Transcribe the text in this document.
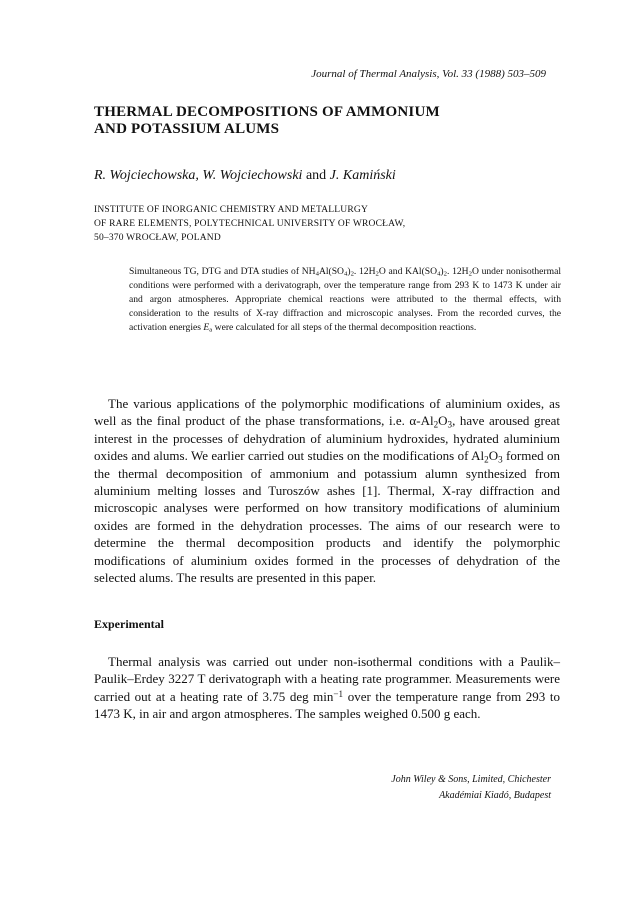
Journal of Thermal Analysis, Vol. 33 (1988) 503–509
THERMAL DECOMPOSITIONS OF AMMONIUM
AND POTASSIUM ALUMS
R. Wojciechowska, W. Wojciechowski and J. Kamiński
INSTITUTE OF INORGANIC CHEMISTRY AND METALLURGY
OF RARE ELEMENTS, POLYTECHNICAL UNIVERSITY OF WROCŁAW,
50–370 WROCŁAW, POLAND
Simultaneous TG, DTG and DTA studies of $NH_4Al(SO_4)_2$. $12H_2O$ and $KAl(SO_4)_2$. $12H_2O$ under nonisothermal conditions were performed with a derivatograph, over the temperature range from 293 K to 1473 K under air and argon atmospheres. Appropriate chemical reactions were attributed to the thermal effects, with consideration to the results of X-ray diffraction and microscopic analyses. From the recorded curves, the activation energies $E_a$ were calculated for all steps of the thermal decomposition reactions.

The various applications of the polymorphic modifications of aluminium oxides, as well as the final product of the phase transformations, i.e. $\alpha-Al_2O_3$, have aroused great interest in the processes of dehydration of aluminium hydroxides, hydrated aluminium oxides and alums. We earlier carried out studies on the modifications of $Al_2O_3$ formed on the thermal decomposition of ammonium and potassium alumn synthesized from aluminium melting losses and Turoszów ashes [1]. Thermal, X-ray diffraction and microscopic analyses were performed on how transitory modifications of aluminium oxides are formed in the dehydration processes. The aims of our research were to determine the thermal decomposition products and identify the polymorphic modifications of aluminium oxides formed in the processes of dehydration of the selected alums. The results are presented in this paper.

Experimental

Thermal analysis was carried out under non-isothermal conditions with a Paulik–Paulik–Erdey 3227 T derivatograph with a heating rate programmer. Measurements were carried out at a heating rate of 3.75 deg $\min^{-1}$ over the temperature range from 293 to 1473 K, in air and argon atmospheres. The samples weighed 0.500 g each.

John Wiley & Sons, Limited, Chichester
Akadémiai Kiadó, Budapest
